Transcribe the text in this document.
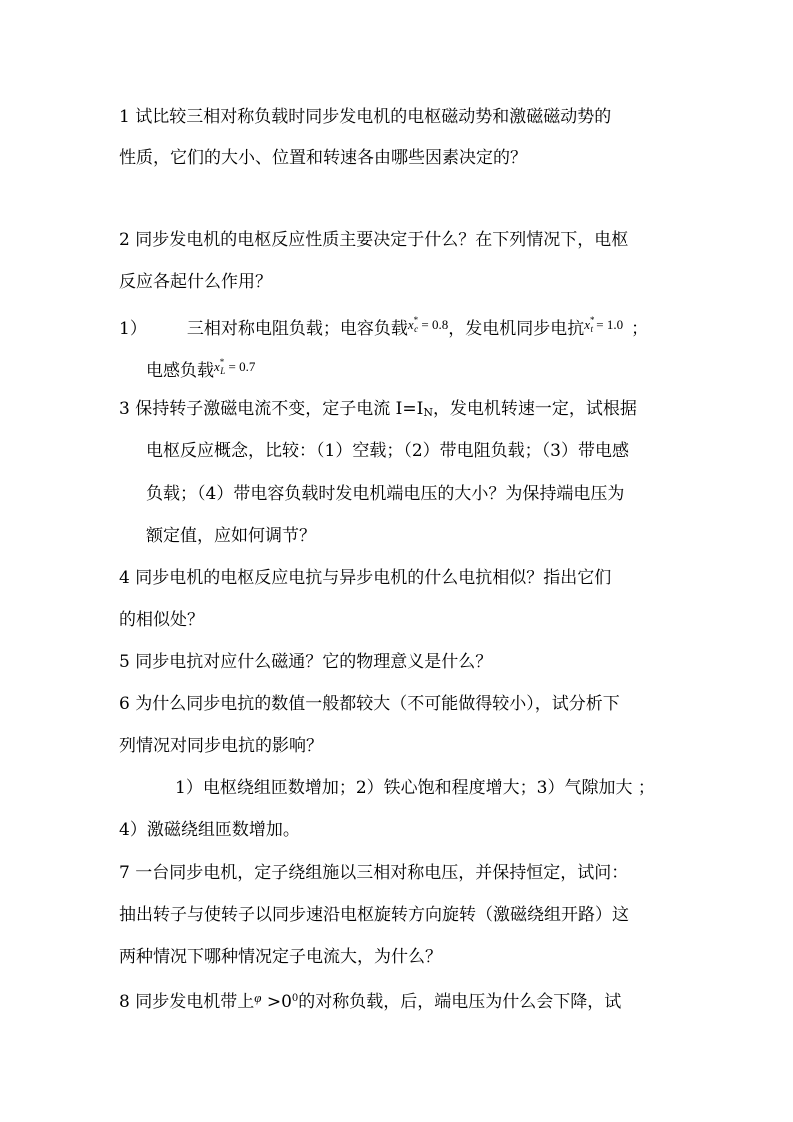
1 试比较三相对称负载时同步发电机的电枢磁动势和激磁磁动势的
性质，它们的大小、位置和转速各由哪些因素决定的？
2 同步发电机的电枢反应性质主要决定于什么？在下列情况下，电枢
反应各起什么作用？
1） 三相对称电阻负载；电容负载$x^*_c = 0.8$，发电机同步电抗$x^*_t = 1.0$ ；
电感负载$x^*_L = 0.7$
3 保持转子激磁电流不变，定子电流 I=IN，发电机转速一定，试根据
电枢反应概念，比较：（1）空载；（2）带电阻负载；（3）带电感
负载；（4）带电容负载时发电机端电压的大小？为保持端电压为
额定值，应如何调节？
4 同步电机的电枢反应电抗与异步电机的什么电抗相似？指出它们
的相似处？
5 同步电抗对应什么磁通？它的物理意义是什么？
6 为什么同步电抗的数值一般都较大（不可能做得较小），试分析下
列情况对同步电抗的影响？
1）电枢绕组匝数增加；2）铁心饱和程度增大；3）气隙加大 ；
4）激磁绕组匝数增加。
7 一台同步电机，定子绕组施以三相对称电压，并保持恒定，试问：
抽出转子与使转子以同步速沿电枢旋转方向旋转（激磁绕组开路）这
两种情况下哪种情况定子电流大，为什么？
8 同步发电机带上$^\varphi >0^0$的对称负载，后，端电压为什么会下降，试
